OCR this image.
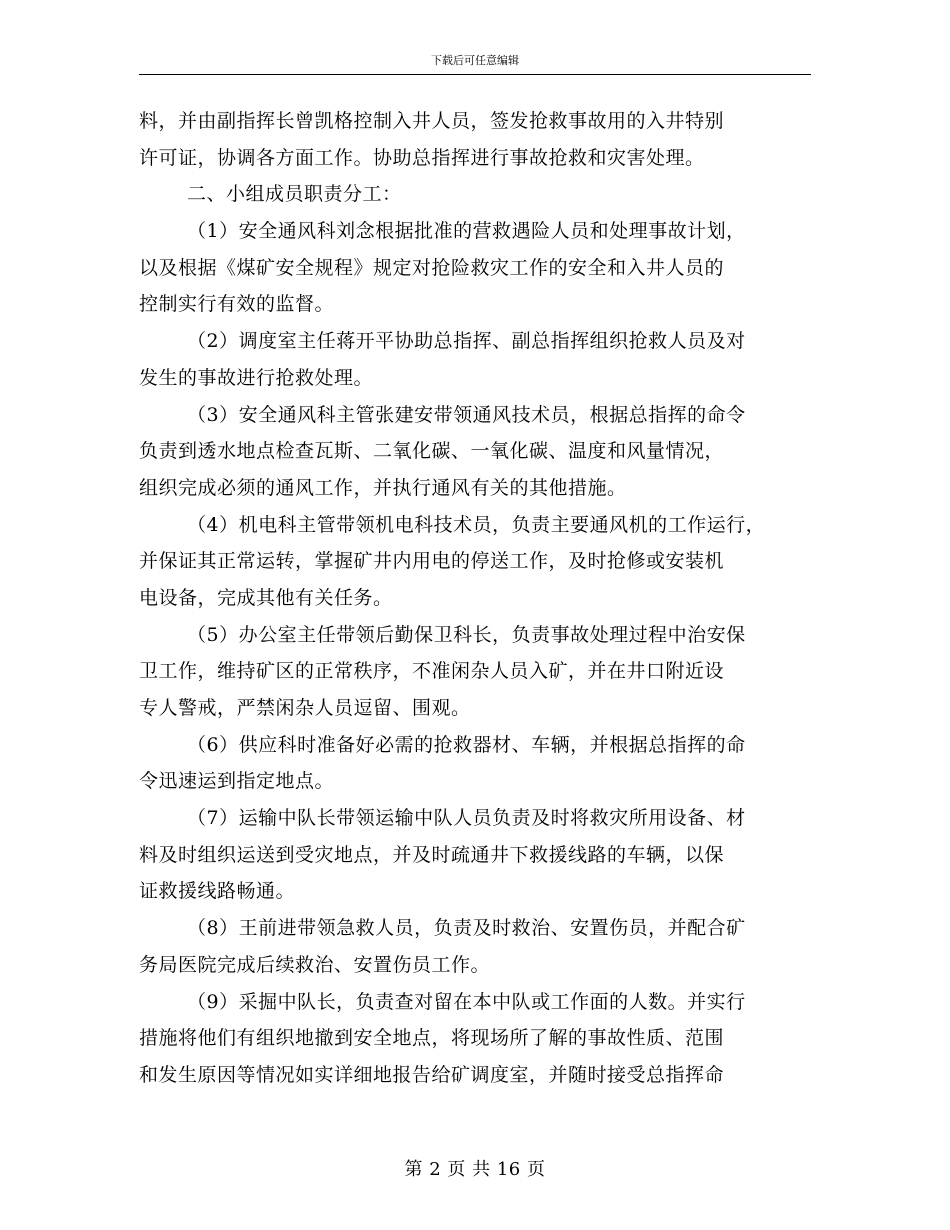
下载后可任意编辑
料，并由副指挥长曾凯格控制入井人员，签发抢救事故用的入井特别
许可证，协调各方面工作。协助总指挥进行事故抢救和灾害处理。
二、小组成员职责分工：
（1）安全通风科刘念根据批准的营救遇险人员和处理事故计划，
以及根据《煤矿安全规程》规定对抢险救灾工作的安全和入井人员的
控制实行有效的监督。
（2）调度室主任蒋开平协助总指挥、副总指挥组织抢救人员及对
发生的事故进行抢救处理。
（3）安全通风科主管张建安带领通风技术员，根据总指挥的命令
负责到透水地点检查瓦斯、二氧化碳、一氧化碳、温度和风量情况，
组织完成必须的通风工作，并执行通风有关的其他措施。
（4）机电科主管带领机电科技术员，负责主要通风机的工作运行，
并保证其正常运转，掌握矿井内用电的停送工作，及时抢修或安装机
电设备，完成其他有关任务。
（5）办公室主任带领后勤保卫科长，负责事故处理过程中治安保
卫工作，维持矿区的正常秩序，不准闲杂人员入矿，并在井口附近设
专人警戒，严禁闲杂人员逗留、围观。
（6）供应科时准备好必需的抢救器材、车辆，并根据总指挥的命
令迅速运到指定地点。
（7）运输中队长带领运输中队人员负责及时将救灾所用设备、材
料及时组织运送到受灾地点，并及时疏通井下救援线路的车辆，以保
证救援线路畅通。
（8）王前进带领急救人员，负责及时救治、安置伤员，并配合矿
务局医院完成后续救治、安置伤员工作。
（9）采掘中队长，负责查对留在本中队或工作面的人数。并实行
措施将他们有组织地撤到安全地点，将现场所了解的事故性质、范围
和发生原因等情况如实详细地报告给矿调度室，并随时接受总指挥命
第 2 页 共 16 页
